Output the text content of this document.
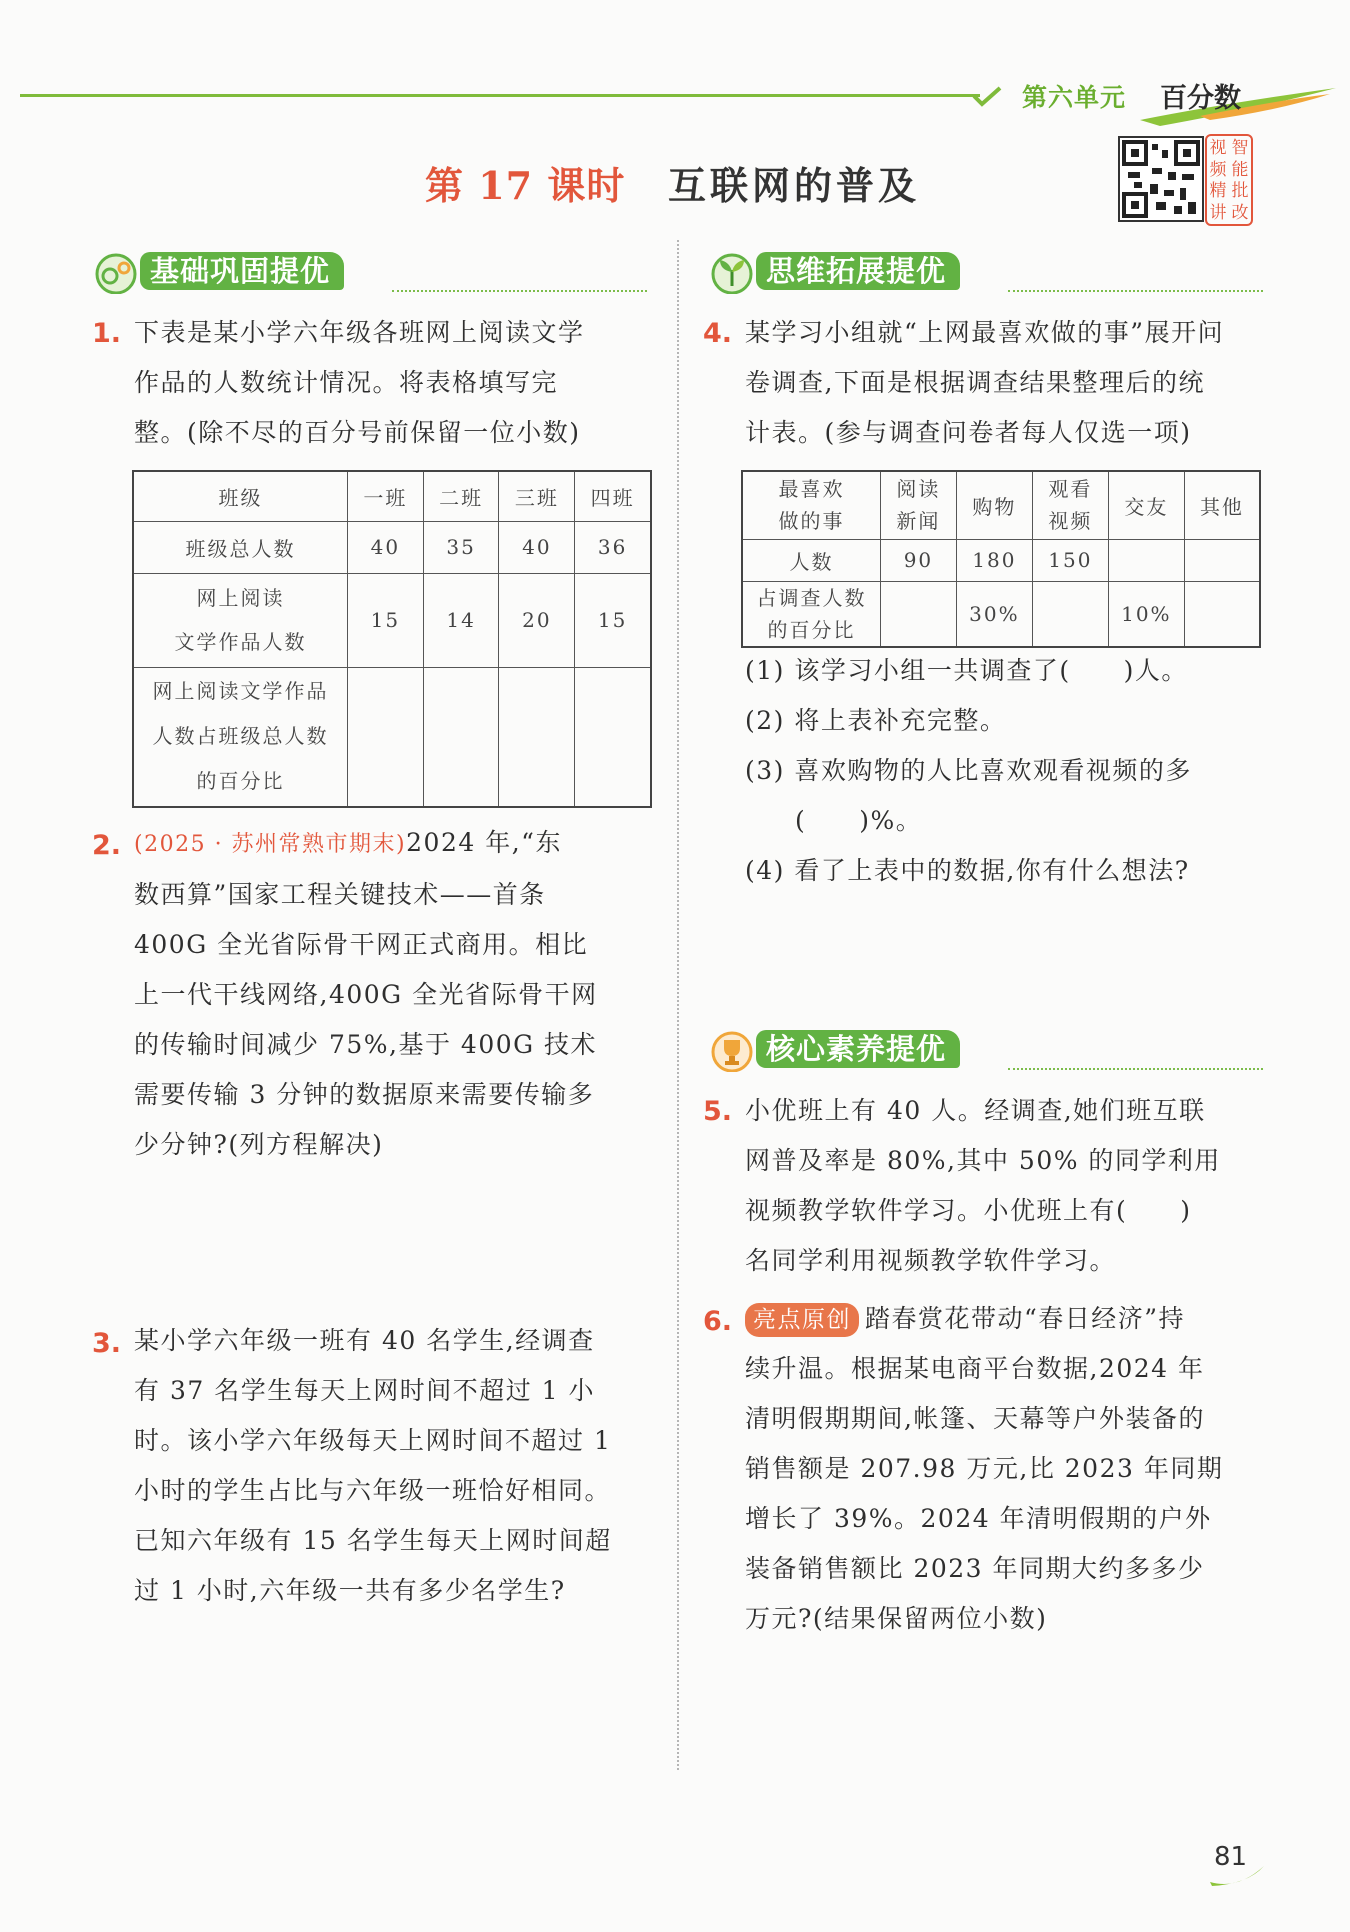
第六单元 百分数
第 17 课时 互联网的普及
视 智
频 能
精 批
讲 改
基础巩固提优
1. 下表是某小学六年级各班网上阅读文学
作品的人数统计情况。将表格填写完
整。(除不尽的百分号前保留一位小数)
班级	一班	二班	三班	四班
班级总人数	40	35	40	36

网上阅读
文学作品人数	15	14	20	15

网上阅读文学作品
人数占班级总人数
的百分比				

2. (2025 · 苏州常熟市期末)2024 年,“东
数西算”国家工程关键技术——首条
400G 全光省际骨干网正式商用。相比
上一代干线网络,400G 全光省际骨干网
的传输时间减少 75%,基于 400G 技术
需要传输 3 分钟的数据原来需要传输多
少分钟?(列方程解决)
3. 某小学六年级一班有 40 名学生,经调查
有 37 名学生每天上网时间不超过 1 小
时。该小学六年级每天上网时间不超过 1
小时的学生占比与六年级一班恰好相同。
已知六年级有 15 名学生每天上网时间超
过 1 小时,六年级一共有多少名学生?
思维拓展提优
4. 某学习小组就“上网最喜欢做的事”展开问
卷调查,下面是根据调查结果整理后的统
计表。(参与调查问卷者每人仅选一项)
最喜欢
做的事	阅读
新闻	购物	观看
视频	交友	其他
人数	90	180	150		

占调查人数
的百分比		30%		10%	
(1) 该学习小组一共调查了(　　)人。
(2) 将上表补充完整。
(3) 喜欢购物的人比喜欢观看视频的多
(　　)%。
(4) 看了上表中的数据,你有什么想法?
核心素养提优
5. 小优班上有 40 人。经调查,她们班互联
网普及率是 80%,其中 50% 的同学利用
视频教学软件学习。小优班上有(　　)
名同学利用视频教学软件学习。
6. 亮点原创 踏春赏花带动“春日经济”持
续升温。根据某电商平台数据,2024 年
清明假期期间,帐篷、天幕等户外装备的
销售额是 207.98 万元,比 2023 年同期
增长了 39%。2024 年清明假期的户外
装备销售额比 2023 年同期大约多多少
万元?(结果保留两位小数)
81
